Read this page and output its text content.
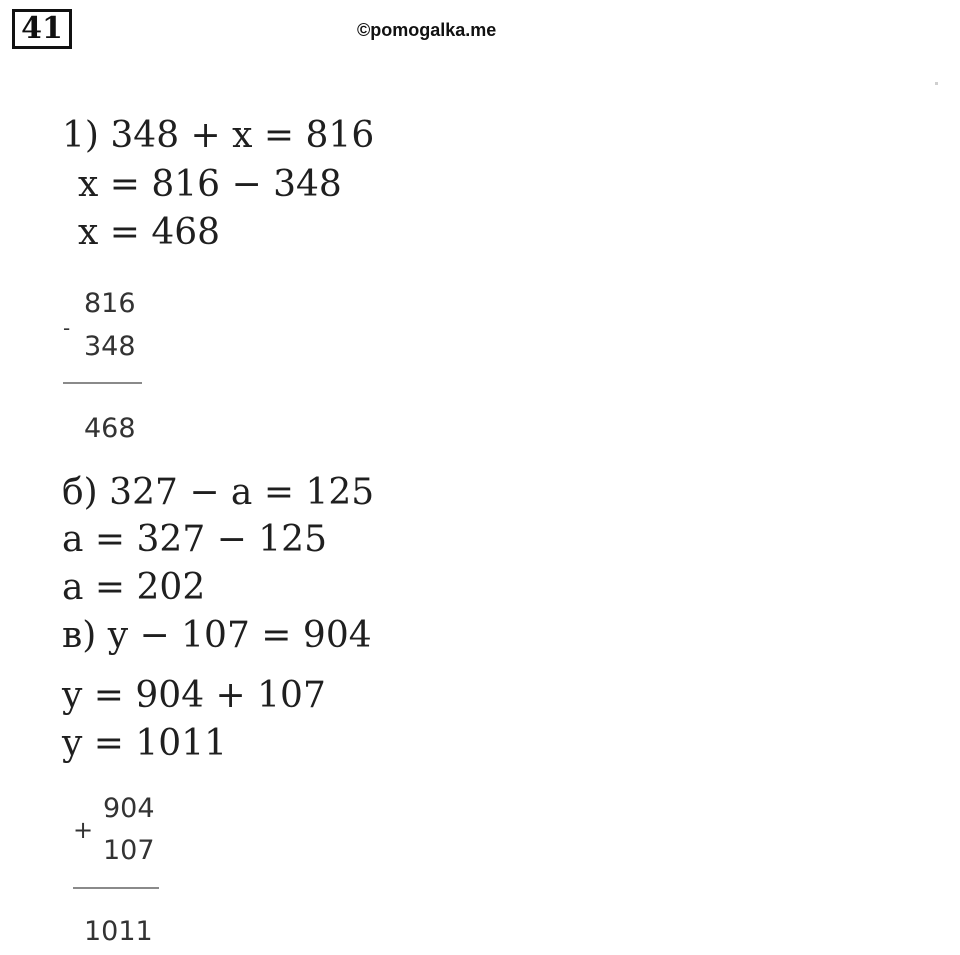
41	©pomogalka.me
1) 348 + x = 816
x = 816 − 348
x = 468
-
816
348
468
б) 327 − a = 125
a = 327 − 125
a = 202
в) y − 107 = 904
y = 904 + 107
y = 1011
+
904
107
1011
